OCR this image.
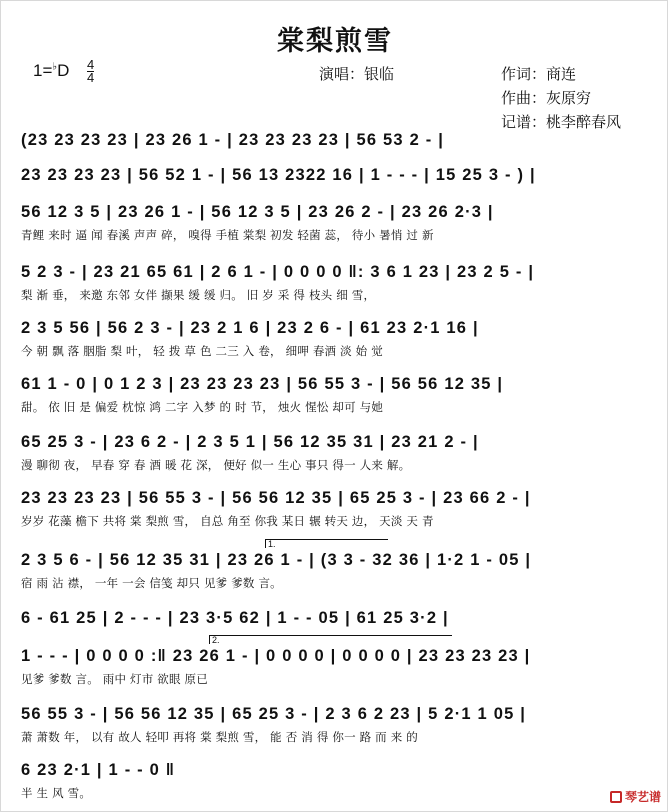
棠梨煎雪
1=♭D 4
4	演唱：银临	作词：商连
作曲：灰原穷
记谱：桃李醉春风
(23 23 23 23 | 23 26 1 - | 23 23 23 23 | 56 53 2 - |
23 23 23 23 | 56 52 1 - | 56 13 2322 16 | 1 - - - | 15 25 3 - ) |
56 12 3 5 | 23 26 1 - | 56 12 3 5 | 23 26 2 - | 23 26 2·3 |
青鲤 来时 逼 闻 春溪 声声 碎， 嗅得 手植 棠梨 初发 轻菌 蕊， 待小 暑悄 过 新
5 2 3 - | 23 21 65 61 | 2 6 1 - | 0 0 0 0 ‖: 3 6 1 23 | 23 2 5 - |
梨 渐 垂， 来邀 东邻 女伴 撷果 缓 缓 归。 旧 岁 采 得 枝头 细 雪，
2 3 5 56 | 56 2 3 - | 23 2 1 6 | 23 2 6 - | 61 23 2·1 16 |
今 朝 飘 落 胭脂 梨 叶， 轻 拨 草 色 二三 入 卷， 细呷 春酒 淡 始 觉
61 1 - 0 | 0 1 2 3 | 23 23 23 23 | 56 55 3 - | 56 56 12 35 |
甜。 依 旧 是 偏爱 枕惊 鸿 二字 入梦 的 时 节， 烛火 惺忪 却可 与她
65 25 3 - | 23 6 2 - | 2 3 5 1 | 56 12 35 31 | 23 21 2 - |
漫 聊彻 夜， 早春 穿 春 酒 暖 花 深， 便好 似一 生心 事只 得一 人来 解。
23 23 23 23 | 56 55 3 - | 56 56 12 35 | 65 25 3 - | 23 66 2 - |
岁岁 花藻 檐下 共将 棠 梨煎 雪， 自总 角至 你我 某日 辗 转天 边， 天淡 天 青
1.
2 3 5 6 - | 56 12 35 31 | 23 26 1 - | (3 3 - 32 36 | 1·2 1 - 05 |
宿 雨 沾 襟， 一年 一会 信笺 却只 见爹 爹数 言。
6 - 61 25 | 2 - - - | 23 3·5 62 | 1 - - 05 | 61 25 3·2 |
2.
1 - - - | 0 0 0 0 :‖ 23 26 1 - | 0 0 0 0 | 0 0 0 0 | 23 23 23 23 |
见爹 爹数 言。 雨中 灯市 欲眼 原已
56 55 3 - | 56 56 12 35 | 65 25 3 - | 2 3 6 2 23 | 5 2·1 1 05 |
萧 萧数 年， 以有 故人 轻叩 再将 棠 梨煎 雪， 能 否 消 得 你一 路 而 来 的
6 23 2·1 | 1 - - 0 ‖
半 生 风 雪。	琴艺谱
